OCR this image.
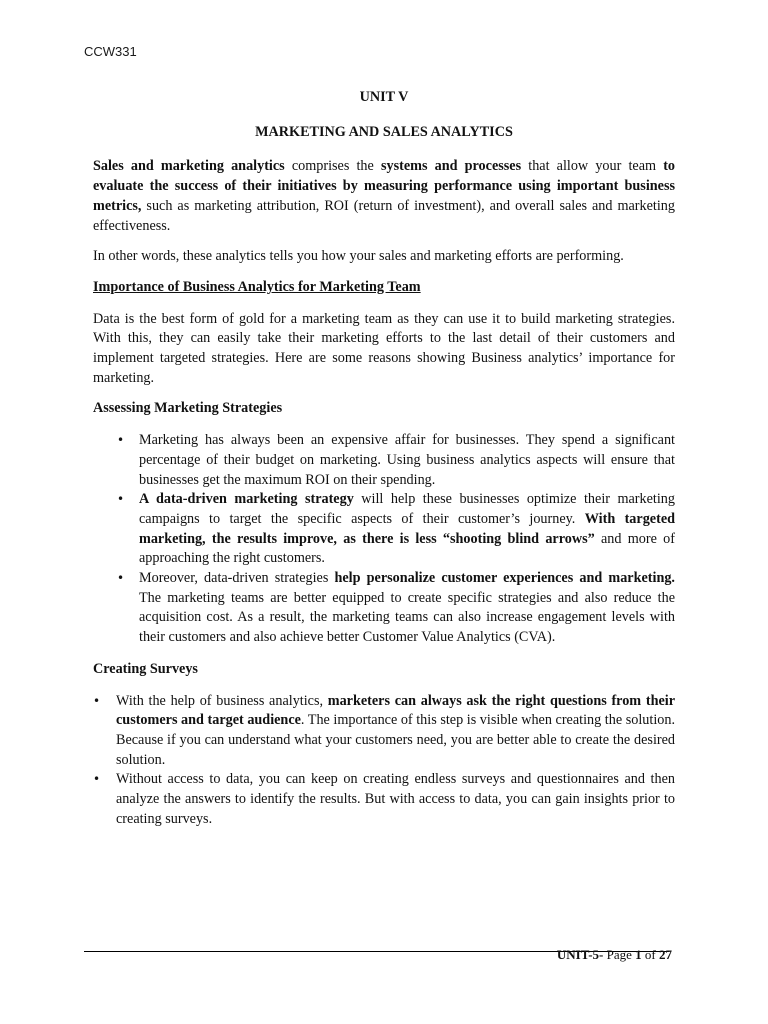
CCW331
UNIT V
MARKETING AND SALES ANALYTICS

Sales and marketing analytics comprises the systems and processes that allow your team to evaluate the success of their initiatives by measuring performance using important business metrics, such as marketing attribution, ROI (return of investment), and overall sales and marketing effectiveness.

In other words, these analytics tells you how your sales and marketing efforts are performing.

Importance of Business Analytics for Marketing Team

Data is the best form of gold for a marketing team as they can use it to build marketing strategies. With this, they can easily take their marketing efforts to the last detail of their customers and implement targeted strategies. Here are some reasons showing Business analytics’ importance for marketing.

Assessing Marketing Strategies
• Marketing has always been an expensive affair for businesses. They spend a significant percentage of their budget on marketing. Using business analytics aspects will ensure that businesses get the maximum ROI on their spending.
• A data-driven marketing strategy will help these businesses optimize their marketing campaigns to target the specific aspects of their customer’s journey. With targeted marketing, the results improve, as there is less “shooting blind arrows” and more of approaching the right customers.
• Moreover, data-driven strategies help personalize customer experiences and marketing. The marketing teams are better equipped to create specific strategies and also reduce the acquisition cost. As a result, the marketing teams can also increase engagement levels with their customers and also achieve better Customer Value Analytics (CVA).
Creating Surveys
• With the help of business analytics, marketers can always ask the right questions from their customers and target audience. The importance of this step is visible when creating the solution. Because if you can understand what your customers need, you are better able to create the desired solution.
• Without access to data, you can keep on creating endless surveys and questionnaires and then analyze the answers to identify the results. But with access to data, you can gain insights prior to creating surveys.
UNIT-5- Page 1 of 27
